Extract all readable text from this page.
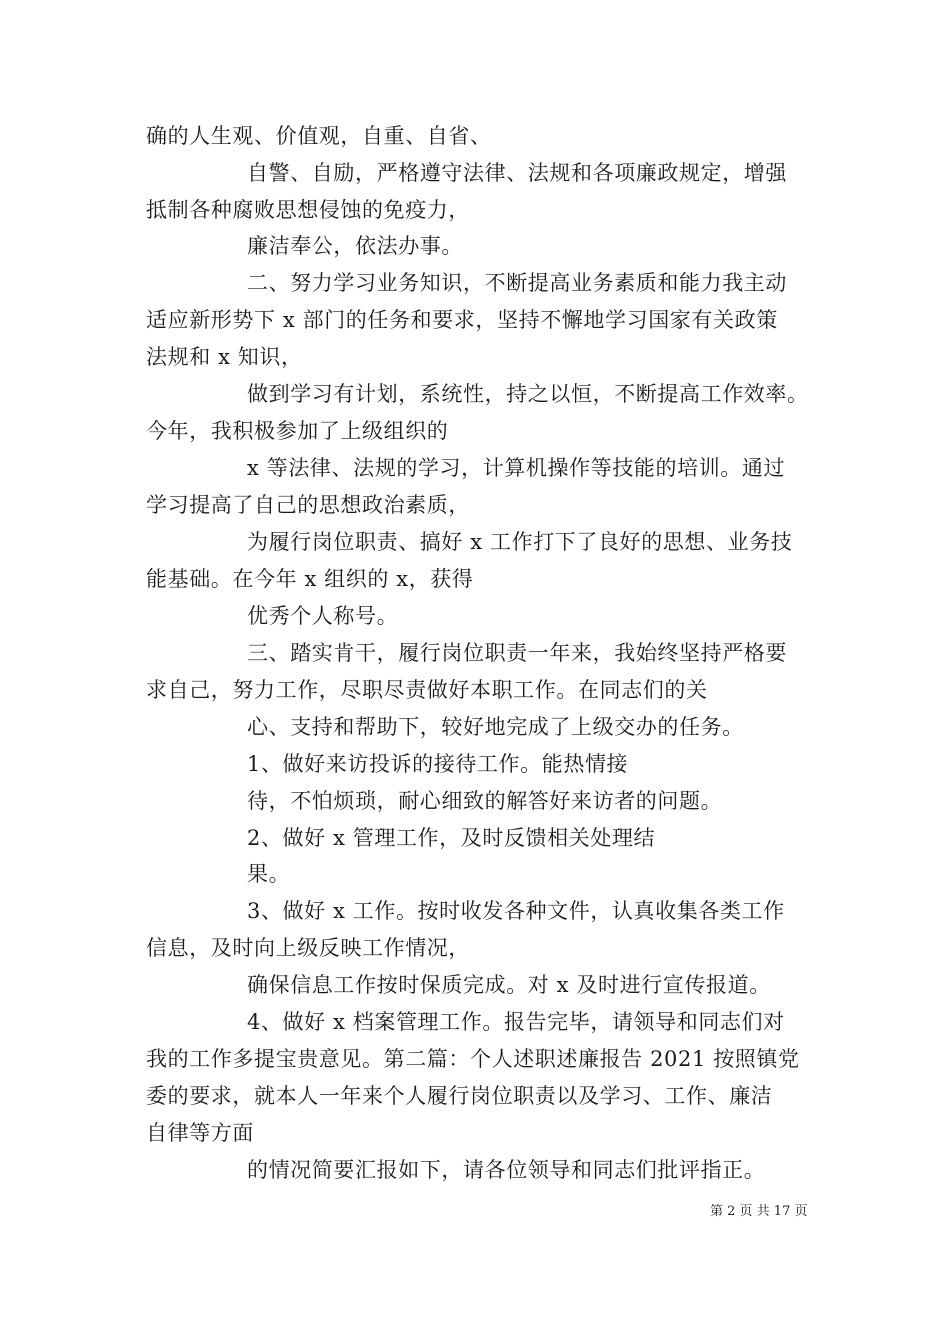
确的人生观、价值观，自重、自省、
自警、自励，严格遵守法律、法规和各项廉政规定，增强
抵制各种腐败思想侵蚀的免疫力，
廉洁奉公，依法办事。
二、努力学习业务知识，不断提高业务素质和能力我主动
适应新形势下 x 部门的任务和要求，坚持不懈地学习国家有关政策
法规和 x 知识，
做到学习有计划，系统性，持之以恒，不断提高工作效率。
今年，我积极参加了上级组织的
x 等法律、法规的学习，计算机操作等技能的培训。通过
学习提高了自己的思想政治素质，
为履行岗位职责、搞好 x 工作打下了良好的思想、业务技
能基础。在今年 x 组织的 x，获得
优秀个人称号。
三、踏实肯干，履行岗位职责一年来，我始终坚持严格要
求自己，努力工作，尽职尽责做好本职工作。在同志们的关
心、支持和帮助下，较好地完成了上级交办的任务。
1、做好来访投诉的接待工作。能热情接
待，不怕烦琐，耐心细致的解答好来访者的问题。
2、做好 x 管理工作，及时反馈相关处理结
果。
3、做好 x 工作。按时收发各种文件，认真收集各类工作
信息，及时向上级反映工作情况，
确保信息工作按时保质完成。对 x 及时进行宣传报道。
4、做好 x 档案管理工作。报告完毕，请领导和同志们对
我的工作多提宝贵意见。第二篇：个人述职述廉报告 2021 按照镇党
委的要求，就本人一年来个人履行岗位职责以及学习、工作、廉洁
自律等方面
的情况简要汇报如下，请各位领导和同志们批评指正。
第 2 页 共 17 页
